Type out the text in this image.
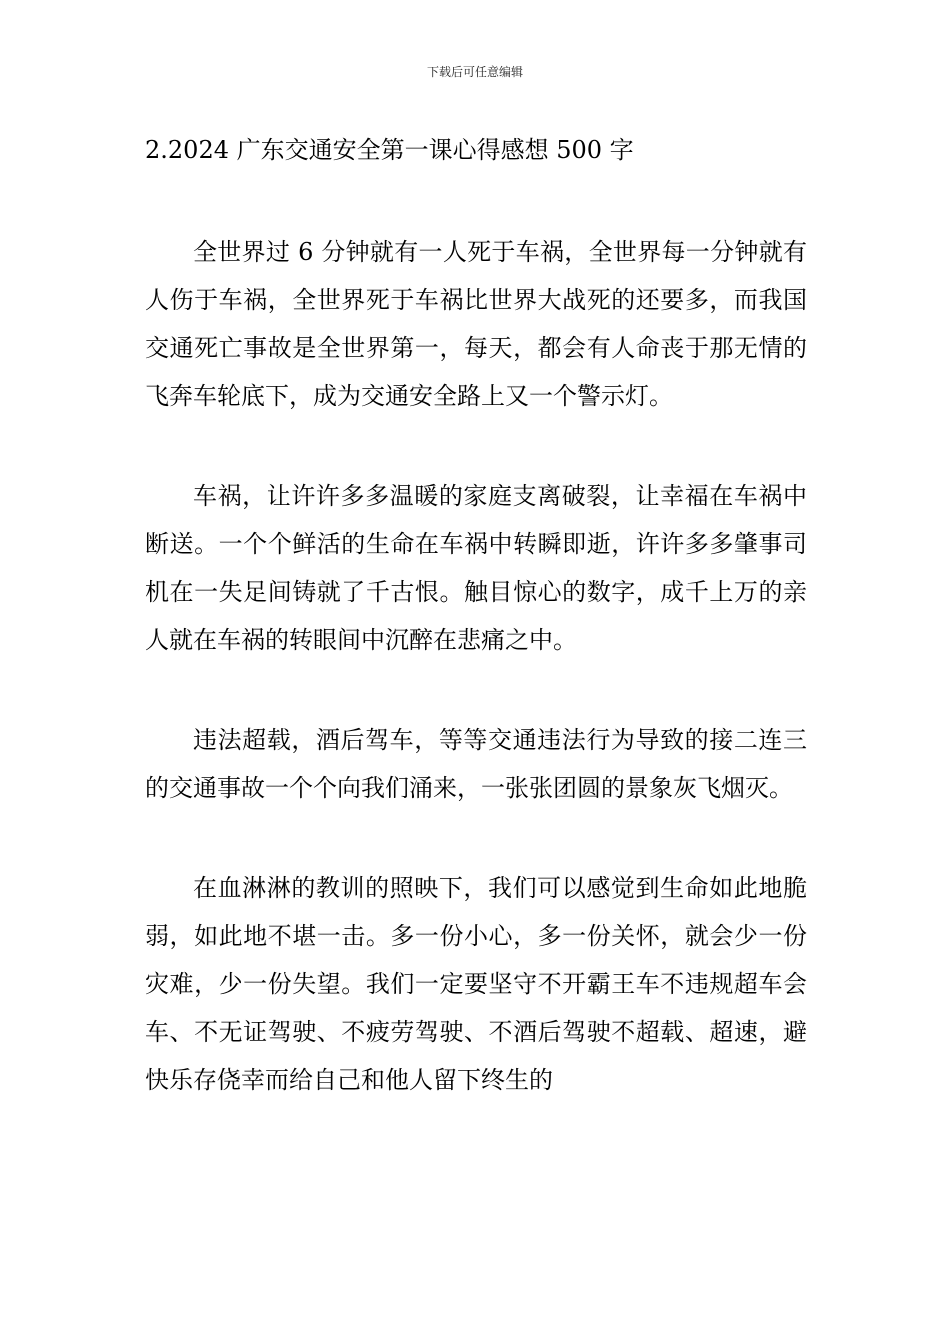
下载后可任意编辑
2.2024 广东交通安全第一课心得感想 500 字

全世界过 6 分钟就有一人死于车祸，全世界每一分钟就有人伤于车祸，全世界死于车祸比世界大战死的还要多，而我国交通死亡事故是全世界第一，每天，都会有人命丧于那无情的飞奔车轮底下，成为交通安全路上又一个警示灯。

车祸，让许许多多温暖的家庭支离破裂，让幸福在车祸中断送。一个个鲜活的生命在车祸中转瞬即逝，许许多多肇事司机在一失足间铸就了千古恨。触目惊心的数字，成千上万的亲人就在车祸的转眼间中沉醉在悲痛之中。

违法超载，酒后驾车，等等交通违法行为导致的接二连三的交通事故一个个向我们涌来，一张张团圆的景象灰飞烟灭。

在血淋淋的教训的照映下，我们可以感觉到生命如此地脆弱，如此地不堪一击。多一份小心，多一份关怀，就会少一份灾难，少一份失望。我们一定要坚守不开霸王车不违规超车会车、不无证驾驶、不疲劳驾驶、不酒后驾驶不超载、超速，避快乐存侥幸而给自己和他人留下终生的
